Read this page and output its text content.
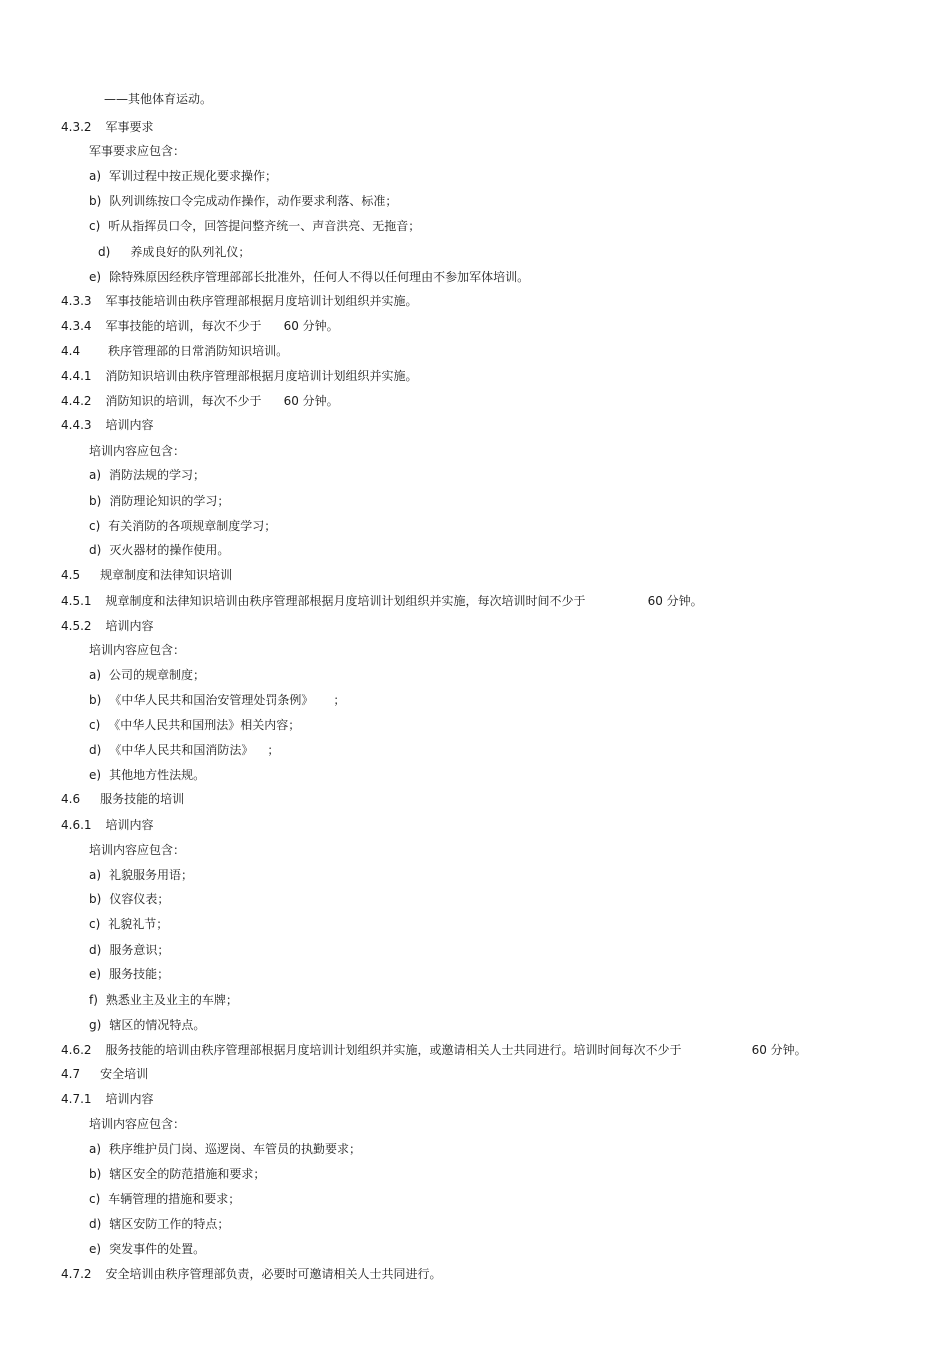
——其他体育运动。
4.3.2 军事要求
军事要求应包含：
a) 军训过程中按正规化要求操作；
b) 队列训练按口令完成动作操作，动作要求利落、标准；
c) 听从指挥员口令，回答提问整齐统一、声音洪亮、无拖音；
d) 养成良好的队列礼仪；
e) 除特殊原因经秩序管理部部长批准外，任何人不得以任何理由不参加军体培训。
4.3.3 军事技能培训由秩序管理部根据月度培训计划组织并实施。
4.3.4 军事技能的培训，每次不少于 60 分钟。
4.4 秩序管理部的日常消防知识培训。
4.4.1 消防知识培训由秩序管理部根据月度培训计划组织并实施。
4.4.2 消防知识的培训，每次不少于 60 分钟。
4.4.3 培训内容
培训内容应包含：
a) 消防法规的学习；
b) 消防理论知识的学习；
c) 有关消防的各项规章制度学习；
d) 灭火器材的操作使用。
4.5 规章制度和法律知识培训
4.5.1 规章制度和法律知识培训由秩序管理部根据月度培训计划组织并实施，每次培训时间不少于	60 分钟。
4.5.2 培训内容
培训内容应包含：
a) 公司的规章制度；
b) 《中华人民共和国治安管理处罚条例》 ；
c) 《中华人民共和国刑法》相关内容；
d) 《中华人民共和国消防法》 ；
e) 其他地方性法规。
4.6 服务技能的培训
4.6.1 培训内容
培训内容应包含：
a) 礼貌服务用语；
b) 仪容仪表；
c) 礼貌礼节；
d) 服务意识；
e) 服务技能；
f) 熟悉业主及业主的车牌；
g) 辖区的情况特点。
4.6.2 服务技能的培训由秩序管理部根据月度培训计划组织并实施，或邀请相关人士共同进行。培训时间每次不少于	60 分钟。
4.7 安全培训
4.7.1 培训内容
培训内容应包含：
a) 秩序维护员门岗、巡逻岗、车管员的执勤要求；
b) 辖区安全的防范措施和要求；
c) 车辆管理的措施和要求；
d) 辖区安防工作的特点；
e) 突发事件的处置。
4.7.2 安全培训由秩序管理部负责，必要时可邀请相关人士共同进行。
